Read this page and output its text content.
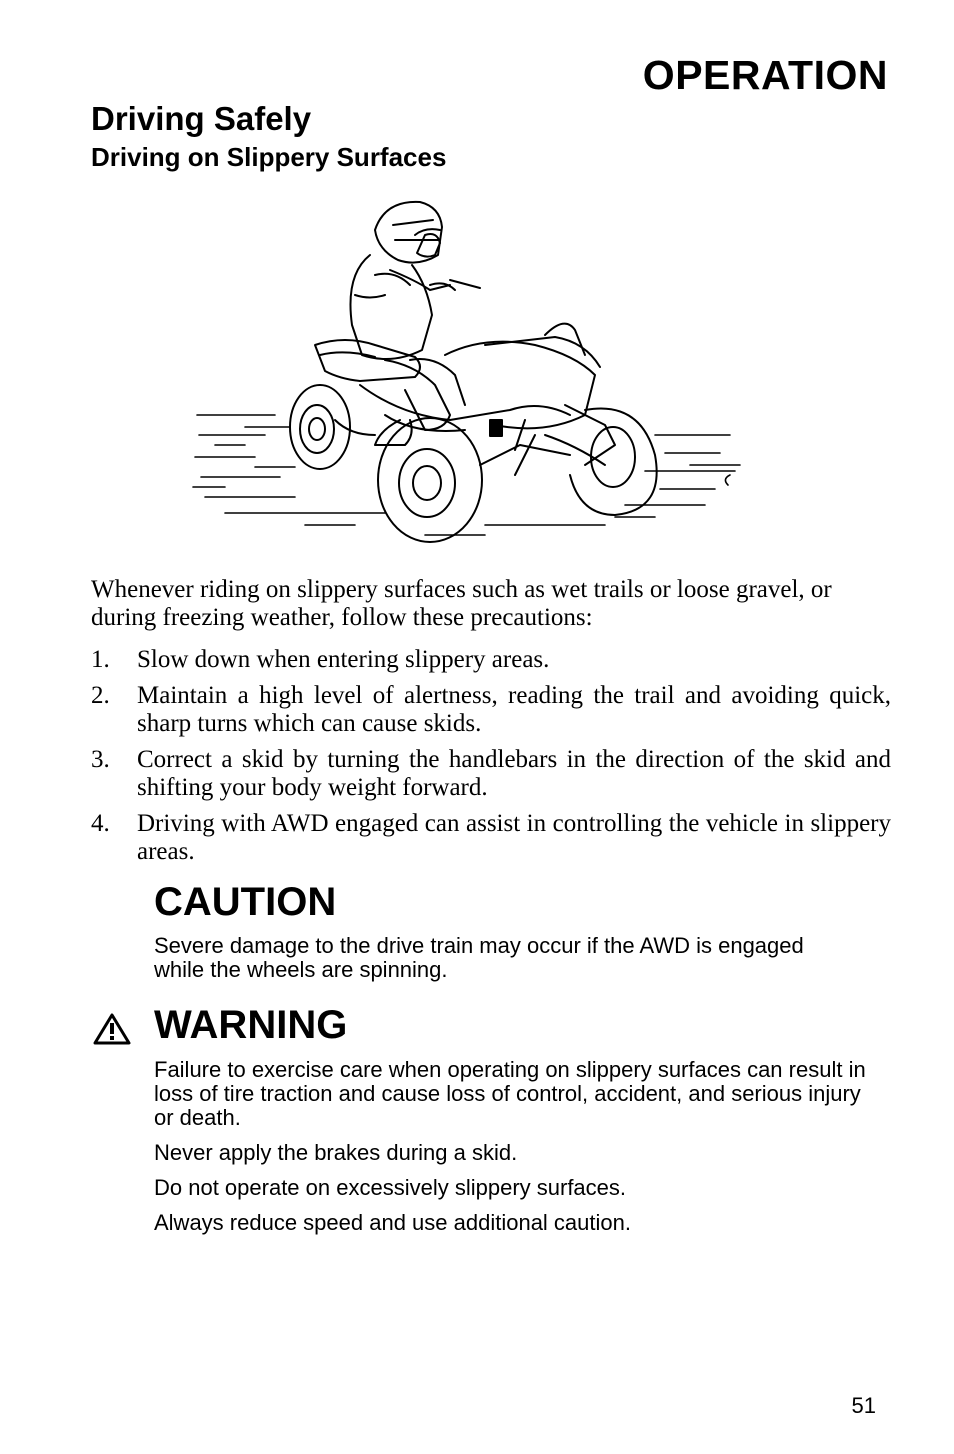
OPERATION
Driving Safely
Driving on Slippery Surfaces
Whenever riding on slippery surfaces such as wet trails or loose gravel, or during freezing weather, follow these precautions:
1. Slow down when entering slippery areas.
2. Maintain a high level of alertness, reading the trail and avoiding quick, sharp turns which can cause skids.
3. Correct a skid by turning the handlebars in the direction of the skid and shifting your body weight forward.
4. Driving with AWD engaged can assist in controlling the vehicle in slippery areas.
CAUTION
Severe damage to the drive train may occur if the AWD is engaged while the wheels are spinning.
WARNING

Failure to exercise care when operating on slippery surfaces can result in loss of tire traction and cause loss of control, accident, and serious injury or death.

Never apply the brakes during a skid.

Do not operate on excessively slippery surfaces.

Always reduce speed and use additional caution.

51
